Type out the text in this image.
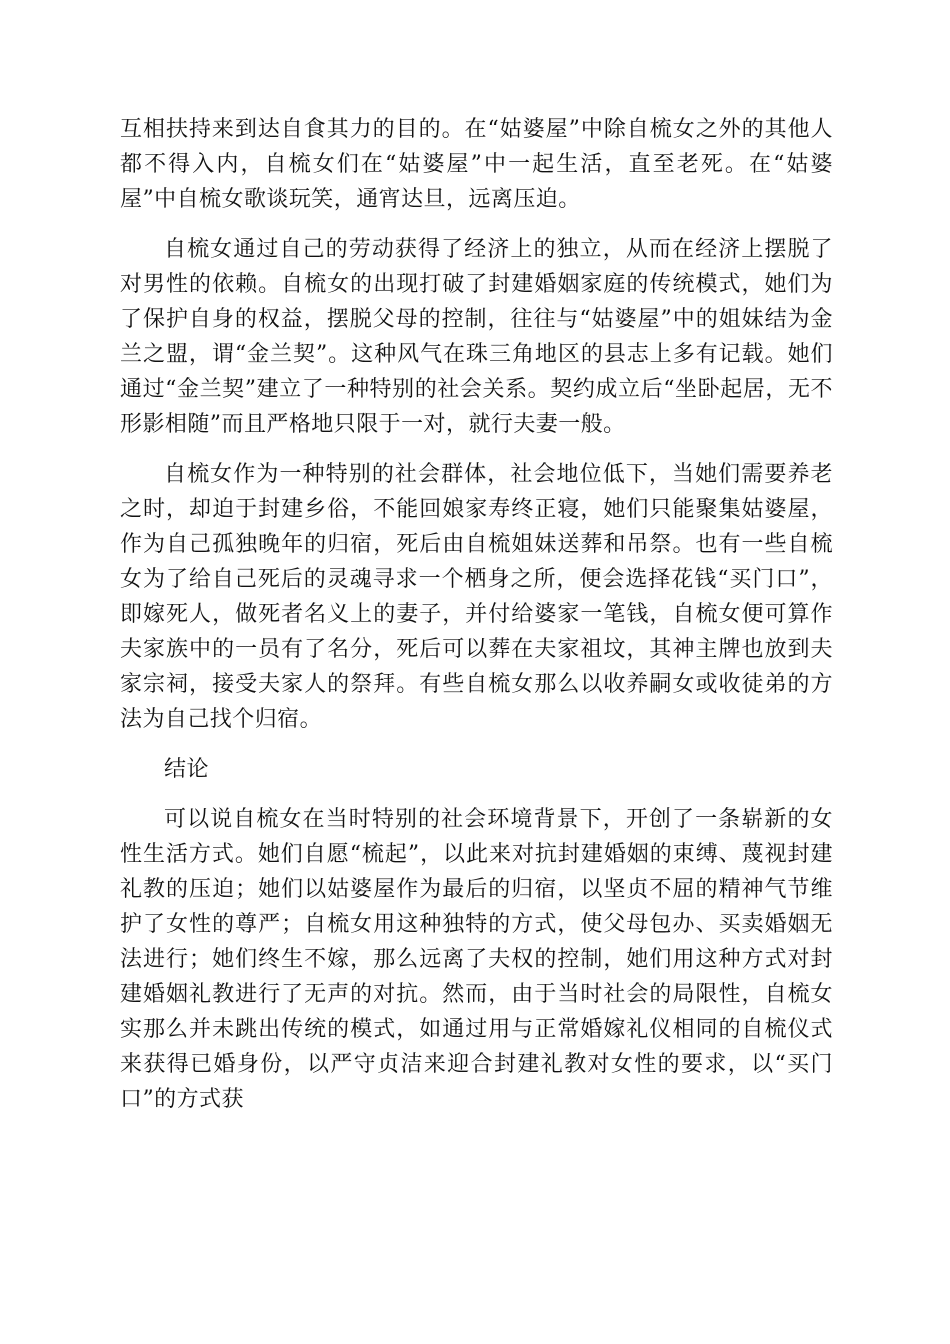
互相扶持来到达自食其力的目的。在“姑婆屋”中除自梳女之外的其他人都不得入内，自梳女们在“姑婆屋”中一起生活，直至老死。在“姑婆屋”中自梳女歌谈玩笑，通宵达旦，远离压迫。

自梳女通过自己的劳动获得了经济上的独立，从而在经济上摆脱了对男性的依赖。自梳女的出现打破了封建婚姻家庭的传统模式，她们为了保护自身的权益，摆脱父母的控制，往往与“姑婆屋”中的姐妹结为金兰之盟，谓“金兰契”。这种风气在珠三角地区的县志上多有记载。她们通过“金兰契”建立了一种特别的社会关系。契约成立后“坐卧起居，无不形影相随”而且严格地只限于一对，就行夫妻一般。

自梳女作为一种特别的社会群体，社会地位低下，当她们需要养老之时，却迫于封建乡俗，不能回娘家寿终正寝，她们只能聚集姑婆屋，作为自己孤独晚年的归宿，死后由自梳姐妹送葬和吊祭。也有一些自梳女为了给自己死后的灵魂寻求一个栖身之所，便会选择花钱“买门口”，即嫁死人，做死者名义上的妻子，并付给婆家一笔钱，自梳女便可算作夫家族中的一员有了名分，死后可以葬在夫家祖坟，其神主牌也放到夫家宗祠，接受夫家人的祭拜。有些自梳女那么以收养嗣女或收徒弟的方法为自己找个归宿。

结论

可以说自梳女在当时特别的社会环境背景下，开创了一条崭新的女性生活方式。她们自愿“梳起”，以此来对抗封建婚姻的束缚、蔑视封建礼教的压迫；她们以姑婆屋作为最后的归宿，以坚贞不屈的精神气节维护了女性的尊严；自梳女用这种独特的方式，使父母包办、买卖婚姻无法进行；她们终生不嫁，那么远离了夫权的控制，她们用这种方式对封建婚姻礼教进行了无声的对抗。然而，由于当时社会的局限性，自梳女实那么并未跳出传统的模式，如通过用与正常婚嫁礼仪相同的自梳仪式来获得已婚身份，以严守贞洁来迎合封建礼教对女性的要求，以“买门口”的方式获
